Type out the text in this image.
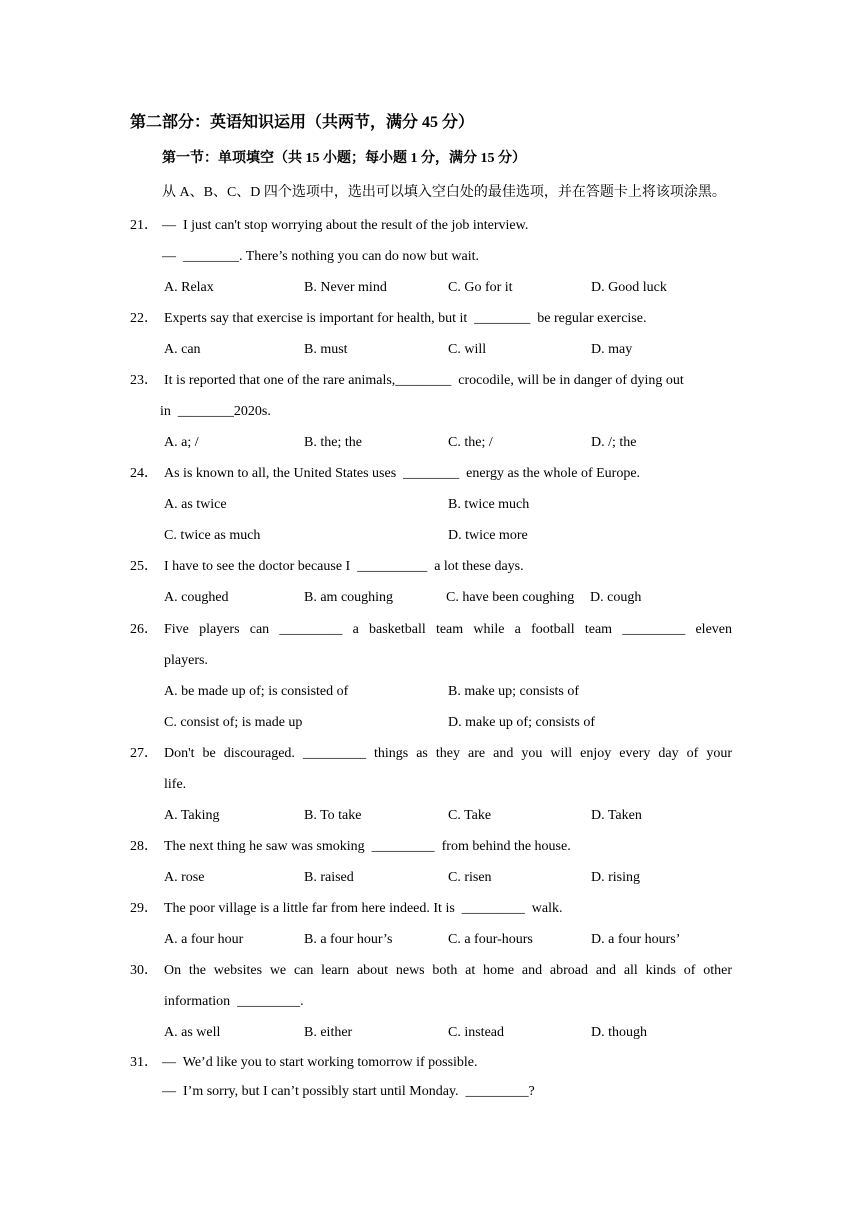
第二部分：英语知识运用（共两节，满分 45 分）
第一节：单项填空（共 15 小题；每小题 1 分，满分 15 分）
从 A、B、C、D 四个选项中，选出可以填入空白处的最佳选项，并在答题卡上将该项涂黑。
21． —  I just can't stop worrying about the result of the job interview.
—  ________. There’s nothing you can do now but wait.
A. Relax	B. Never mind	C. Go for it	D. Good luck
22． Experts say that exercise is important for health, but it  ________  be regular exercise.
A. can	B. must	C. will	D. may
23． It is reported that one of the rare animals,________  crocodile, will be in danger of dying out
in  ________2020s.
A. a; /	B. the; the	C. the; /	D. /; the
24． As is known to all, the United States uses  ________  energy as the whole of Europe.
A. as twice	B. twice much
C. twice as much	D. twice more
25． I have to see the doctor because I  __________  a lot these days.
A. coughed	B. am coughing	C. have been coughing D. cough
26． Five players can _________ a basketball team while a football team _________ eleven
players.
A. be made up of; is consisted of	B. make up; consists of
C. consist of; is made up	D. make up of; consists of
27． Don't be discouraged. _________ things as they are and you will enjoy every day of your
life.
A. Taking	B. To take	C. Take	D. Taken
28． The next thing he saw was smoking  _________  from behind the house.
A. rose	B. raised	C. risen	D. rising
29． The poor village is a little far from here indeed. It is  _________  walk.
A. a four hour	B. a four hour’s	C. a four-hours	D. a four hours’
30． On the websites we can learn about news both at home and abroad and all kinds of other
information  _________.
A. as well	B. either	C. instead	D. though
31． —  We’d like you to start working tomorrow if possible.
—  I’m sorry, but I can’t possibly start until Monday.  _________?
